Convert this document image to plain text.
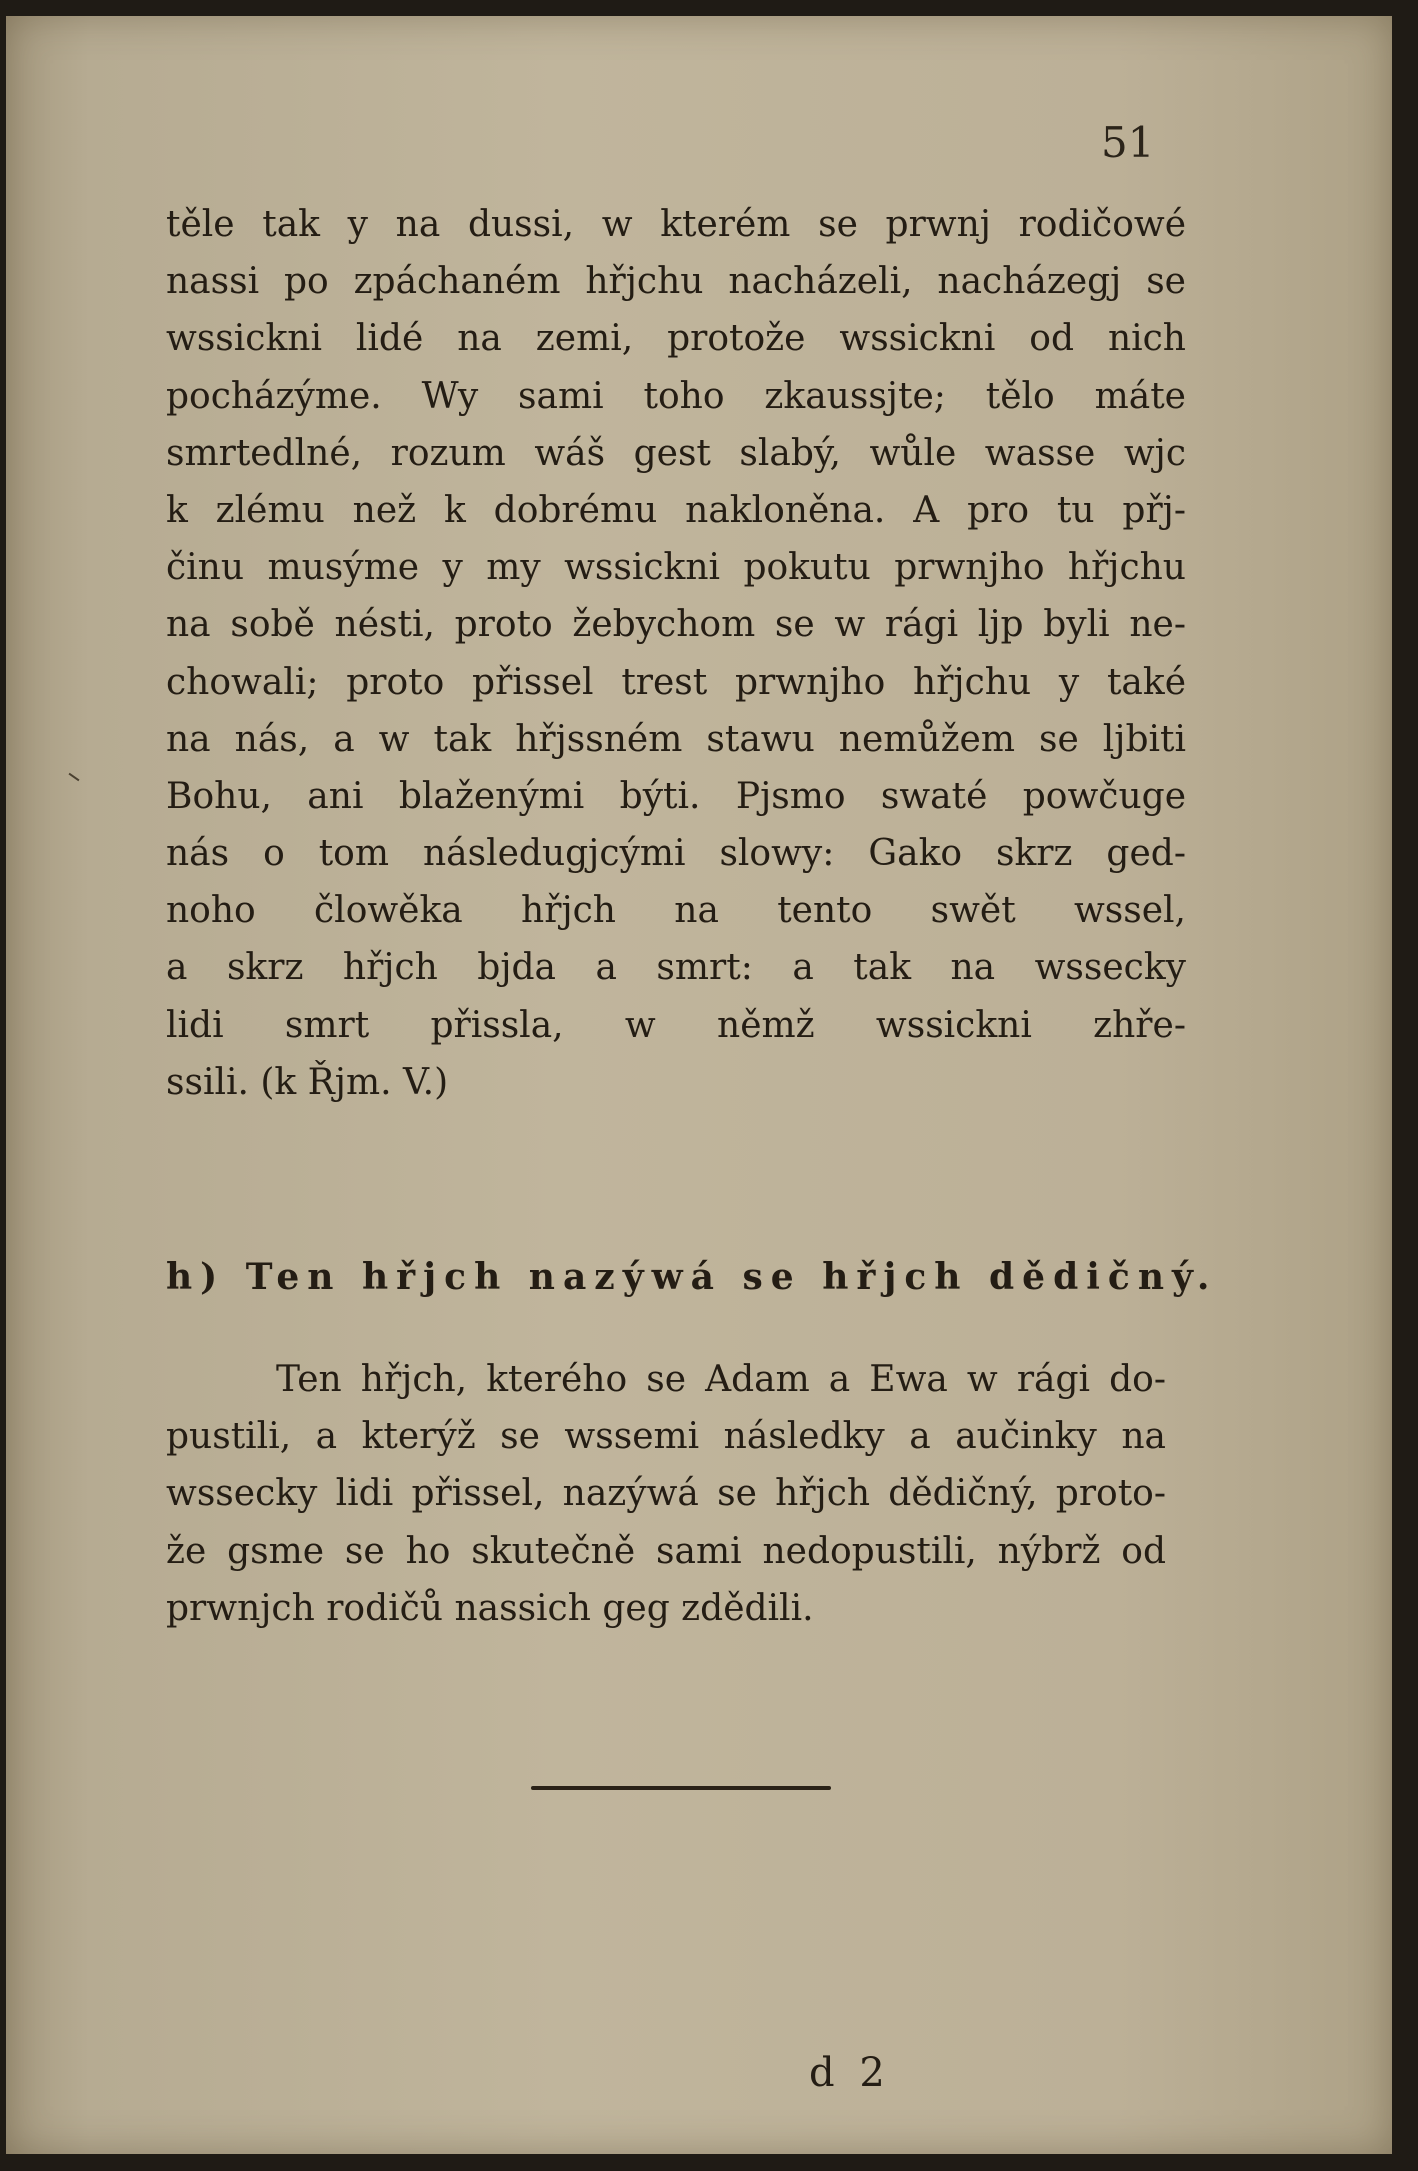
51

těle tak y na dussi, w kterém se prwnj rodičowé
nassi po zpáchaném hřjchu nacházeli, nacházegj se
wssickni lidé na zemi, protože wssickni od nich
pocházýme. Wy sami toho zkaussjte; tělo máte
smrtedlné, rozum wáš gest slabý, wůle wasse wjc
k zlému než k dobrému nakloněna. A pro tu přj-
činu musýme y my wssickni pokutu prwnjho hřjchu
na sobě nésti, proto žebychom se w rági ljp byli ne-
chowali; proto přissel trest prwnjho hřjchu y také
na nás, a w tak hřjssném stawu nemůžem se ljbiti
Bohu, ani blaženými býti. Pjsmo swaté powčuge
nás o tom následugjcými slowy: Gako skrz ged-
noho člowěka hřjch na tento swět wssel,
a skrz hřjch bjda a smrt: a tak na wssecky
lidi smrt přissla, w němž wssickni zhře-
ssili. (k Řjm. V.)

h) Ten hřjch nazýwá se hřjch dědičný.

Ten hřjch, kterého se Adam a Ewa w rági do-
pustili, a kterýž se wssemi následky a aučinky na
wssecky lidi přissel, nazýwá se hřjch dědičný, proto-
že gsme se ho skutečně sami nedopustili, nýbrž od
prwnjch rodičů nassich geg zdědili.

d 2
